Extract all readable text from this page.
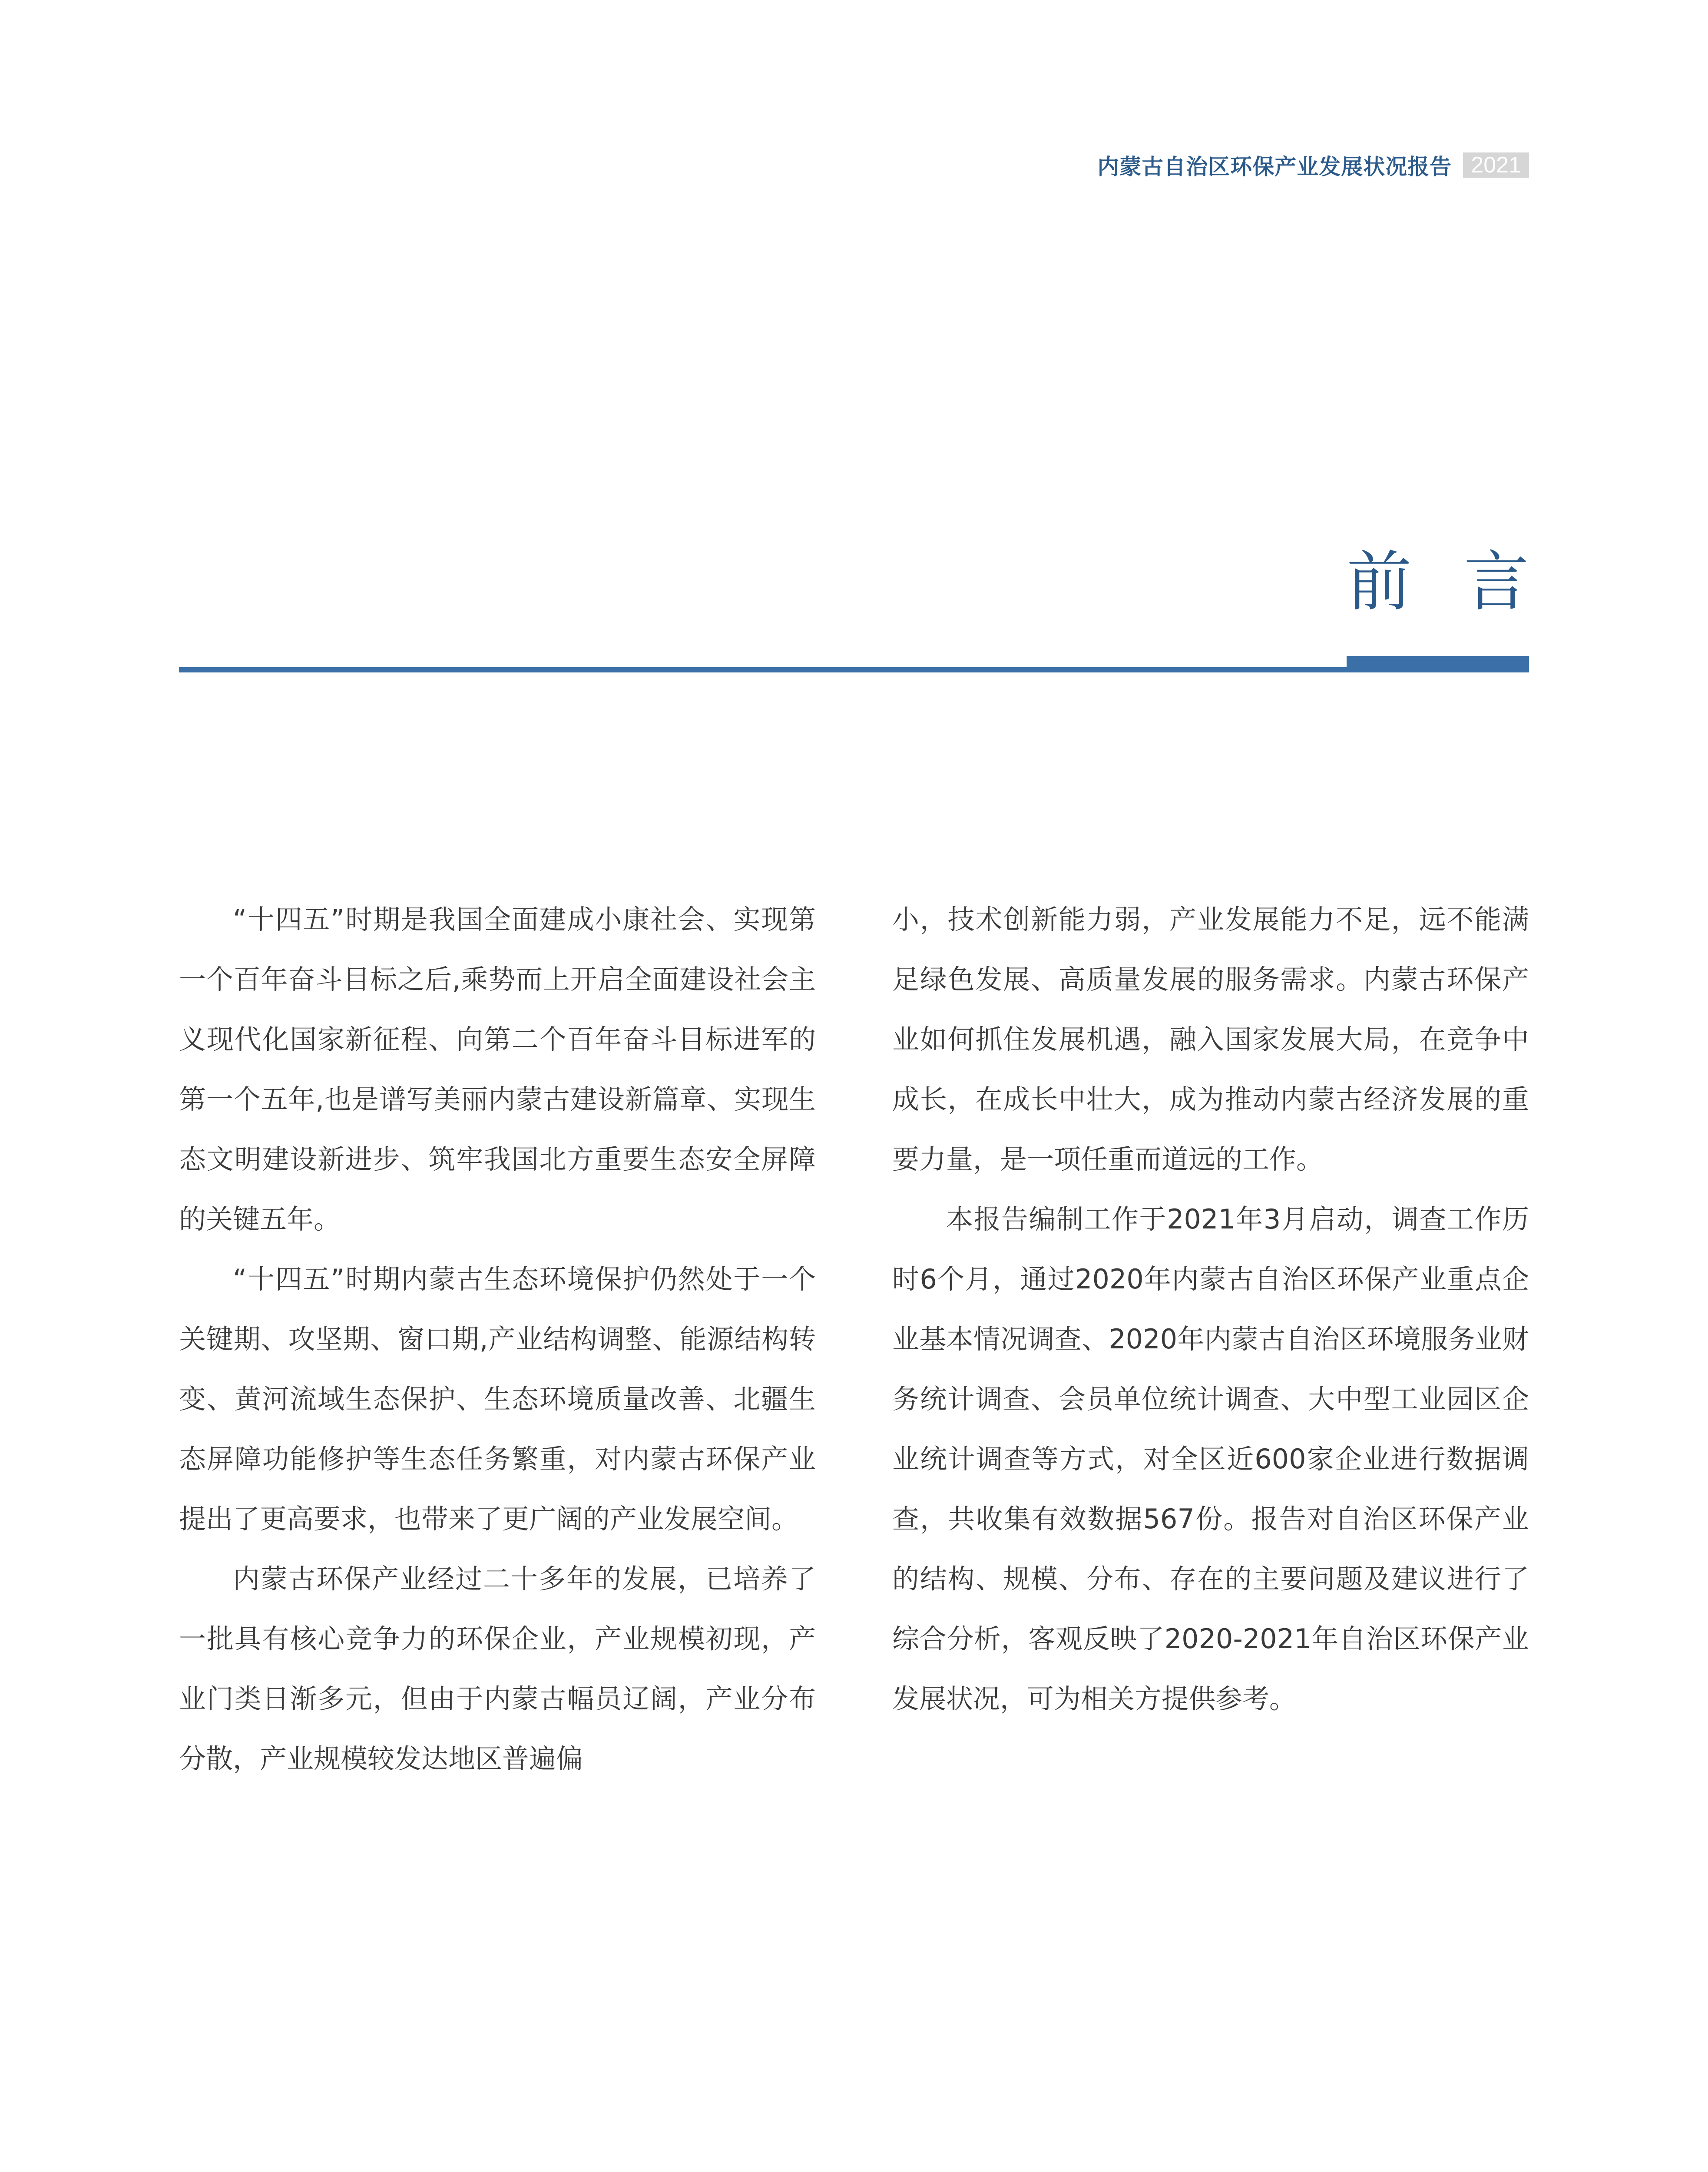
内蒙古自治区环保产业发展状况报告 2021
前言

“十四五”时期是我国全面建成小康社会、实现第一个百年奋斗目标之后,乘势而上开启全面建设社会主义现代化国家新征程、向第二个百年奋斗目标进军的第一个五年,也是谱写美丽内蒙古建设新篇章、实现生态文明建设新进步、筑牢我国北方重要生态安全屏障的关键五年。

“十四五”时期内蒙古生态环境保护仍然处于一个关键期、攻坚期、窗口期,产业结构调整、能源结构转变、黄河流域生态保护、生态环境质量改善、北疆生态屏障功能修护等生态任务繁重，对内蒙古环保产业提出了更高要求，也带来了更广阔的产业发展空间。

内蒙古环保产业经过二十多年的发展，已培养了一批具有核心竞争力的环保企业，产业规模初现，产业门类日渐多元，但由于内蒙古幅员辽阔，产业分布分散，产业规模较发达地区普遍偏

小，技术创新能力弱，产业发展能力不足，远不能满足绿色发展、高质量发展的服务需求。内蒙古环保产业如何抓住发展机遇，融入国家发展大局，在竞争中成长，在成长中壮大，成为推动内蒙古经济发展的重要力量，是一项任重而道远的工作。

本报告编制工作于2021年3月启动，调查工作历时6个月，通过2020年内蒙古自治区环保产业重点企业基本情况调查、2020年内蒙古自治区环境服务业财务统计调查、会员单位统计调查、大中型工业园区企业统计调查等方式，对全区近600家企业进行数据调查，共收集有效数据567份。报告对自治区环保产业的结构、规模、分布、存在的主要问题及建议进行了综合分析，客观反映了2020-2021年自治区环保产业发展状况，可为相关方提供参考。
